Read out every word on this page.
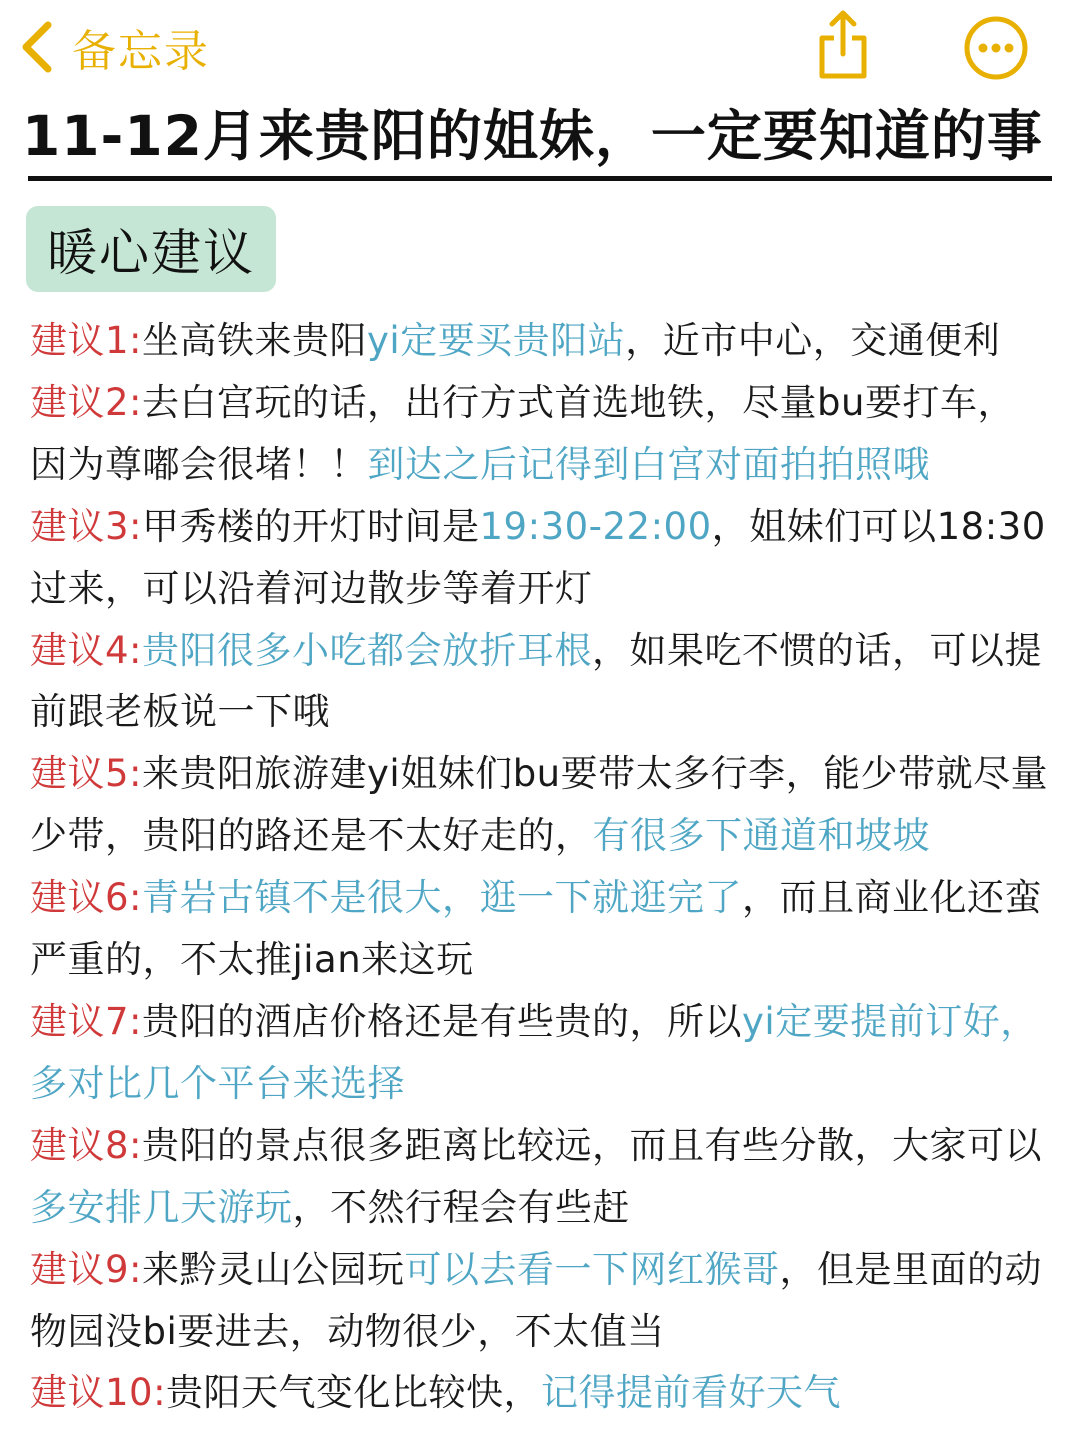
备忘录
11-12月来贵阳的姐妹，一定要知道的事
暖心建议
建议1:坐高铁来贵阳yi定要买贵阳站，近市中心，交通便利
建议2:去白宫玩的话，出行方式首选地铁，尽量bu要打车，因为尊嘟会很堵！！到达之后记得到白宫对面拍拍照哦
建议3:甲秀楼的开灯时间是19:30-22:00，姐妹们可以18:30过来，可以沿着河边散步等着开灯
建议4:贵阳很多小吃都会放折耳根，如果吃不惯的话，可以提前跟老板说一下哦
建议5:来贵阳旅游建yi姐妹们bu要带太多行李，能少带就尽量少带，贵阳的路还是不太好走的，有很多下通道和坡坡
建议6:青岩古镇不是很大，逛一下就逛完了，而且商业化还蛮严重的，不太推jian来这玩
建议7:贵阳的酒店价格还是有些贵的，所以yi定要提前订好，多对比几个平台来选择
建议8:贵阳的景点很多距离比较远，而且有些分散，大家可以多安排几天游玩，不然行程会有些赶
建议9:来黔灵山公园玩可以去看一下网红猴哥，但是里面的动物园没bi要进去，动物很少，不太值当
建议10:贵阳天气变化比较快，记得提前看好天气
